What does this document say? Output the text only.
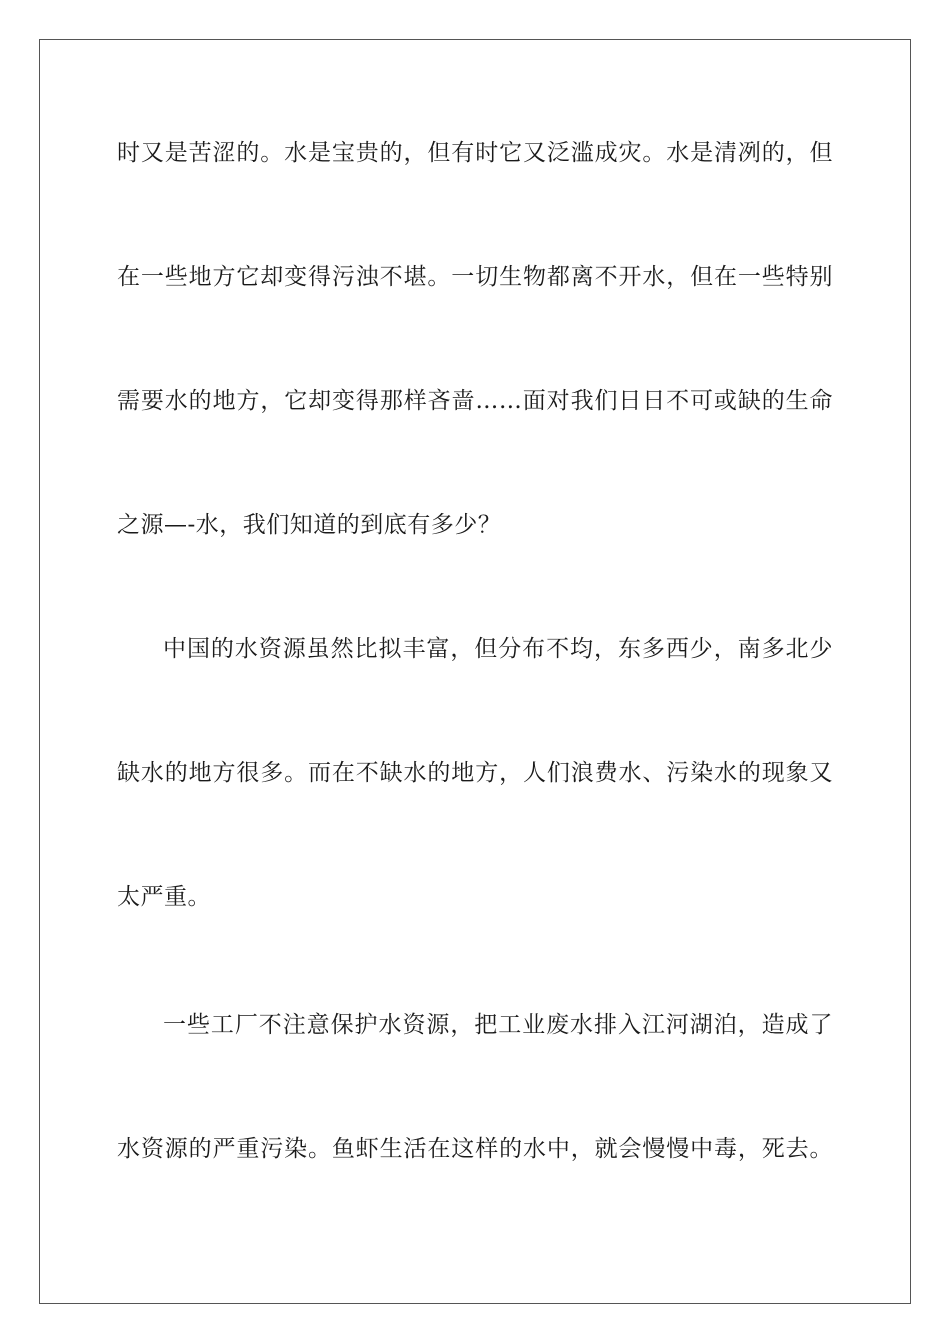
时又是苦涩的。水是宝贵的，但有时它又泛滥成灾。水是清冽的，但
在一些地方它却变得污浊不堪。一切生物都离不开水，但在一些特别
需要水的地方，它却变得那样吝啬……面对我们日日不可或缺的生命
之源—-水，我们知道的到底有多少？
中国的水资源虽然比拟丰富，但分布不均，东多西少，南多北少
缺水的地方很多。而在不缺水的地方，人们浪费水、污染水的现象又
太严重。
一些工厂不注意保护水资源，把工业废水排入江河湖泊，造成了
水资源的严重污染。鱼虾生活在这样的水中，就会慢慢中毒，死去。
